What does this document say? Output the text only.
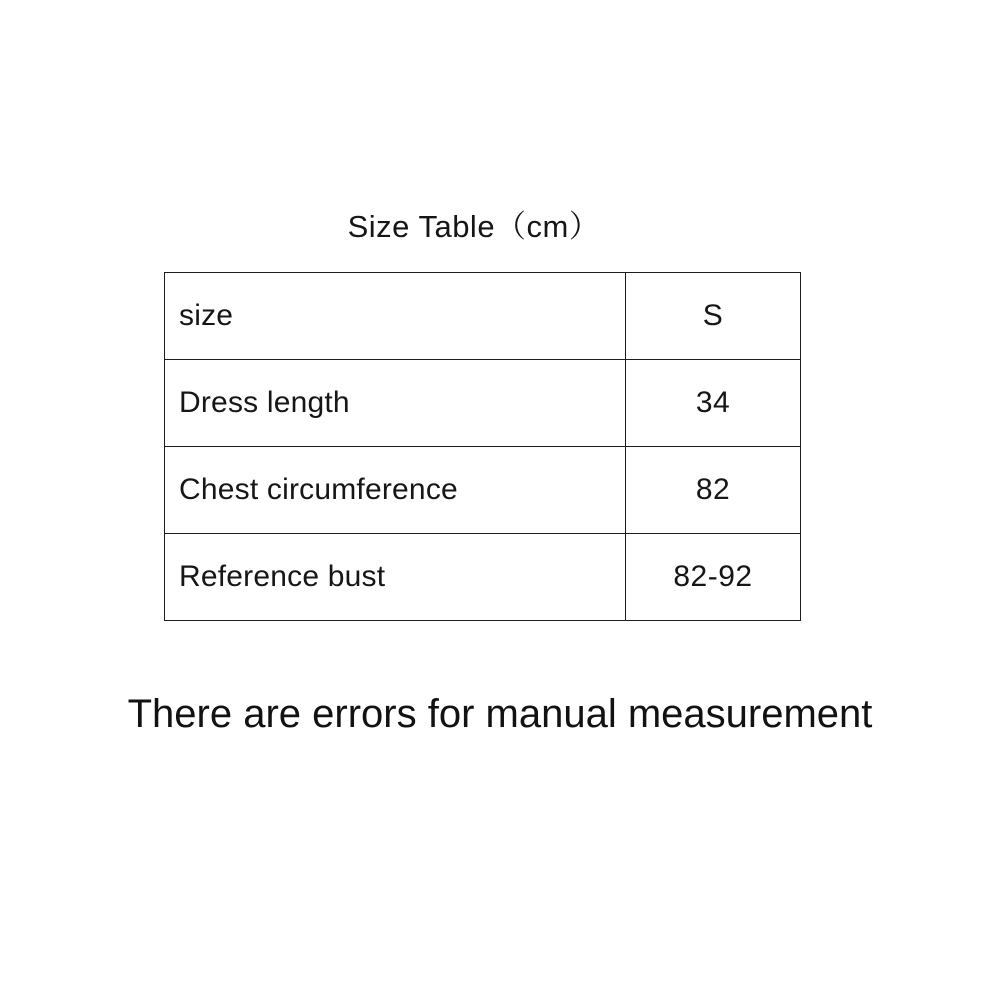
Size Table（cm）
size	S
Dress length	34
Chest circumference	82
Reference bust	82-92
There are errors for manual measurement
